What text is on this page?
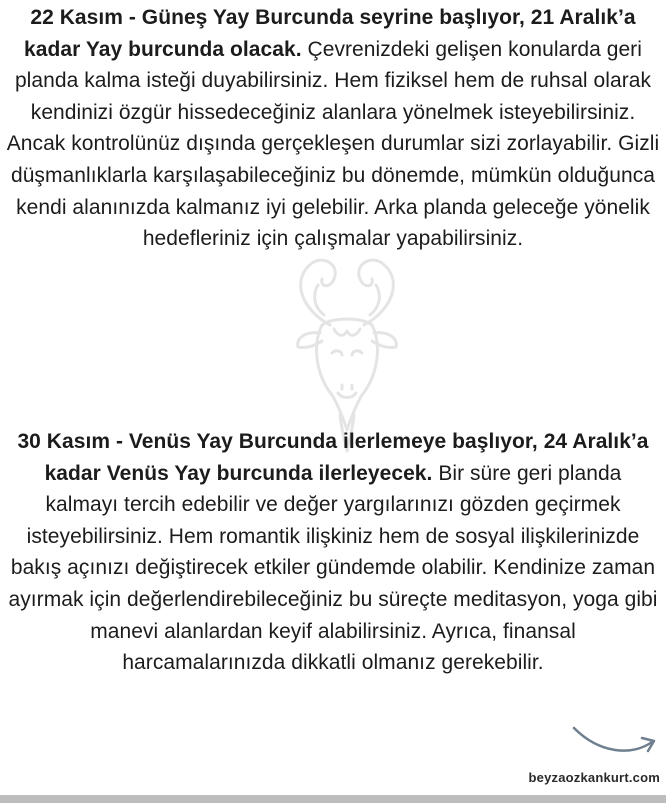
22 Kasım - Güneş Yay Burcunda seyrine başlıyor, 21 Aralık’a kadar Yay burcunda olacak. Çevrenizdeki gelişen konularda geri planda kalma isteği duyabilirsiniz. Hem fiziksel hem de ruhsal olarak kendinizi özgür hissedeceğiniz alanlara yönelmek isteyebilirsiniz. Ancak kontrolünüz dışında gerçekleşen durumlar sizi zorlayabilir. Gizli düşmanlıklarla karşılaşabileceğiniz bu dönemde, mümkün olduğunca kendi alanınızda kalmanız iyi gelebilir. Arka planda geleceğe yönelik hedefleriniz için çalışmalar yapabilirsiniz.

30 Kasım - Venüs Yay Burcunda ilerlemeye başlıyor, 24 Aralık’a kadar Venüs Yay burcunda ilerleyecek. Bir süre geri planda kalmayı tercih edebilir ve değer yargılarınızı gözden geçirmek isteyebilirsiniz. Hem romantik ilişkiniz hem de sosyal ilişkilerinizde bakış açınızı değiştirecek etkiler gündemde olabilir. Kendinize zaman ayırmak için değerlendirebileceğiniz bu süreçte meditasyon, yoga gibi manevi alanlardan keyif alabilirsiniz. Ayrıca, finansal harcamalarınızda dikkatli olmanız gerekebilir.

beyzaozkankurt.com
